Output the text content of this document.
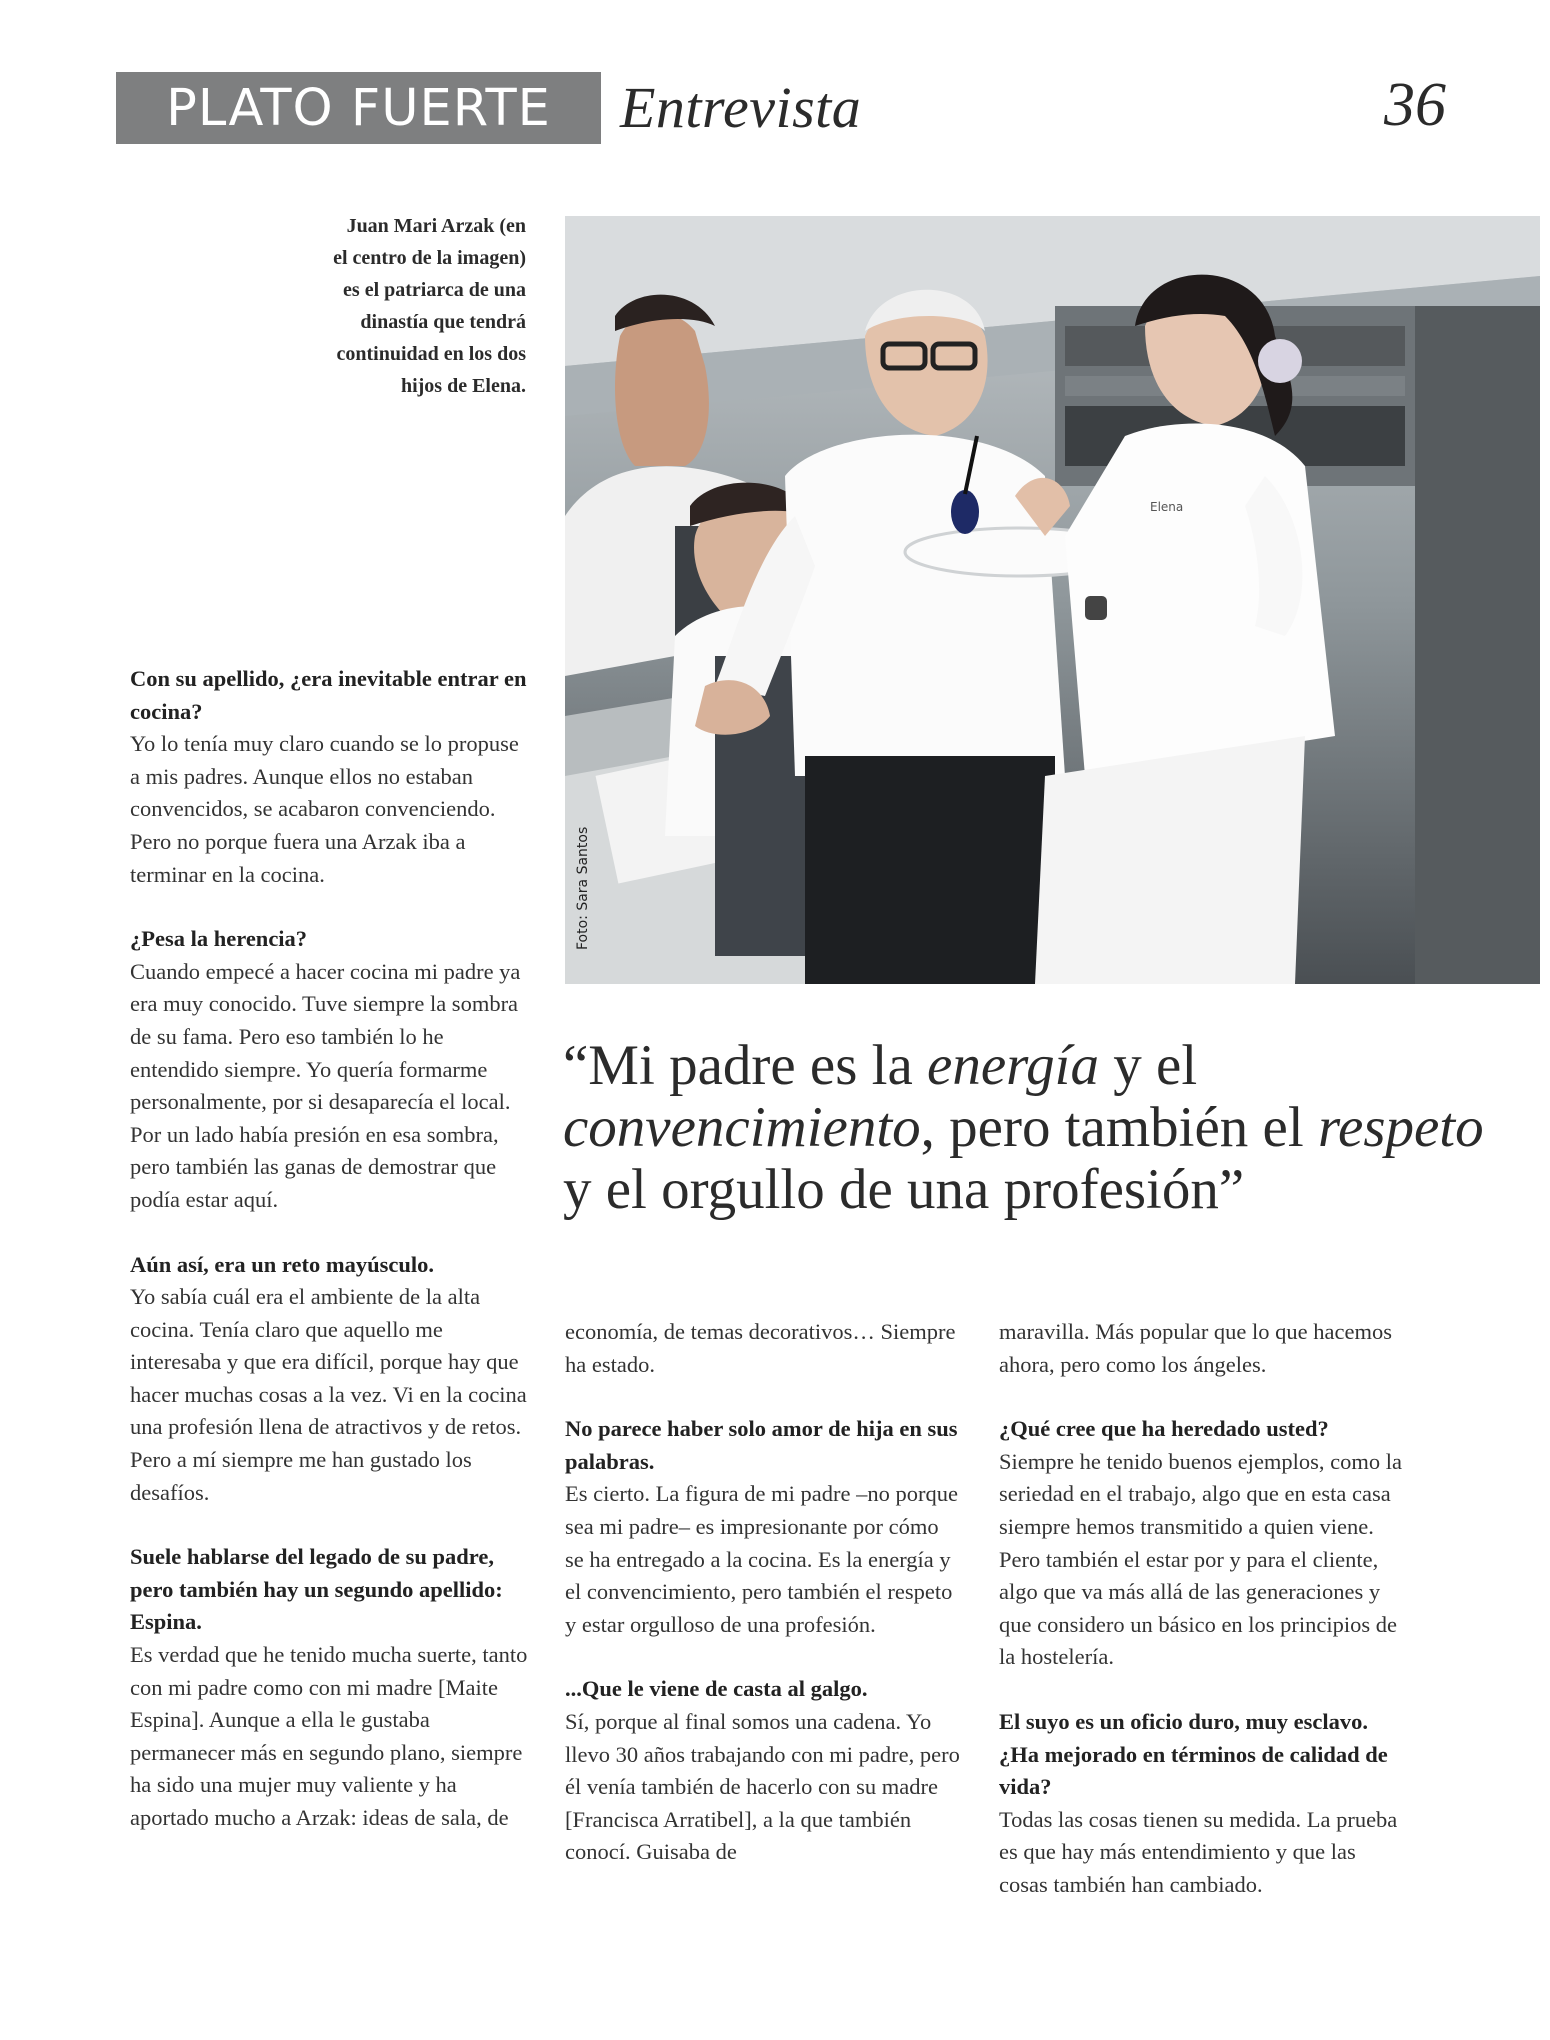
PLATO FUERTE	Entrevista	36
Juan Mari Arzak (en el centro de la imagen) es el patriarca de una dinastía que tendrá continuidad en los dos hijos de Elena.
Elena
Foto: Sara Santos
“Mi padre es la energía y el convencimiento, pero también el respeto y el orgullo de una profesión”

Con su apellido, ¿era inevitable entrar en cocina?
Yo lo tenía muy claro cuando se lo propuse a mis padres. Aunque ellos no estaban convencidos, se acabaron convenciendo. Pero no porque fuera una Arzak iba a terminar en la cocina.

¿Pesa la herencia?
Cuando empecé a hacer cocina mi padre ya era muy conocido. Tuve siempre la sombra de su fama. Pero eso también lo he entendido siempre. Yo quería formarme personalmente, por si desaparecía el local. Por un lado había presión en esa sombra, pero también las ganas de demostrar que podía estar aquí.

Aún así, era un reto mayúsculo.
Yo sabía cuál era el ambiente de la alta cocina. Tenía claro que aquello me interesaba y que era difícil, porque hay que hacer muchas cosas a la vez. Vi en la cocina una profesión llena de atractivos y de retos. Pero a mí siempre me han gustado los desafíos.

Suele hablarse del legado de su padre, pero también hay un segundo apellido: Espina.
Es verdad que he tenido mucha suerte, tanto con mi padre como con mi madre [Maite Espina]. Aunque a ella le gustaba permanecer más en segundo plano, siempre ha sido una mujer muy valiente y ha aportado mucho a Arzak: ideas de sala, de

economía, de temas decorativos… Siempre ha estado.

No parece haber solo amor de hija en sus palabras.
Es cierto. La figura de mi padre –no porque sea mi padre– es impresionante por cómo se ha entregado a la cocina. Es la energía y el convencimiento, pero también el respeto y estar orgulloso de una profesión.

...Que le viene de casta al galgo.
Sí, porque al final somos una cadena. Yo llevo 30 años trabajando con mi padre, pero él venía también de hacerlo con su madre [Francisca Arratibel], a la que también conocí. Guisaba de

maravilla. Más popular que lo que hacemos ahora, pero como los ángeles.

¿Qué cree que ha heredado usted?
Siempre he tenido buenos ejemplos, como la seriedad en el trabajo, algo que en esta casa siempre hemos transmitido a quien viene. Pero también el estar por y para el cliente, algo que va más allá de las generaciones y que considero un básico en los principios de la hostelería.

El suyo es un oficio duro, muy esclavo. ¿Ha mejorado en términos de calidad de vida?
Todas las cosas tienen su medida. La prueba es que hay más entendimiento y que las cosas también han cambiado.
